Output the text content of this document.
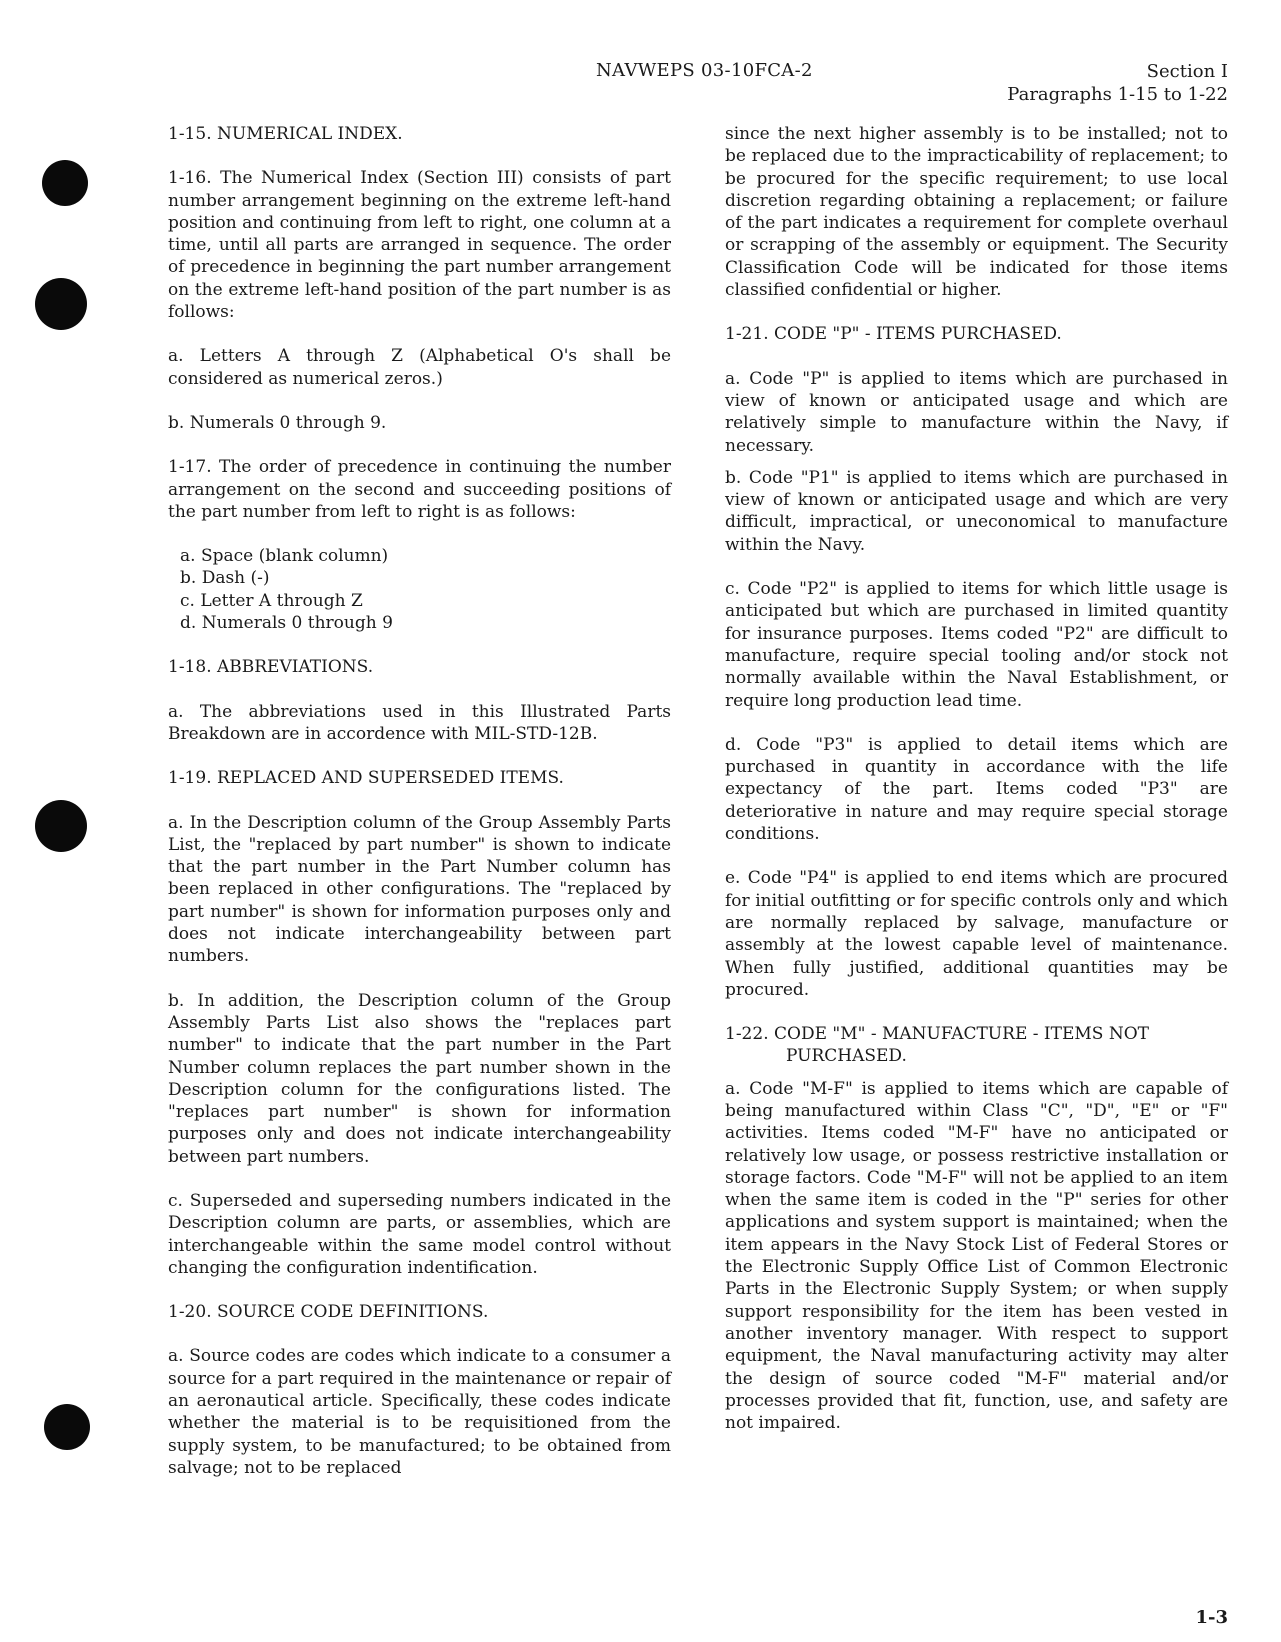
NAVWEPS 03-10FCA-2	Section I
Paragraphs 1-15 to 1-22

1-15. NUMERICAL INDEX.

1-16. The Numerical Index (Section III) consists of part number arrangement beginning on the extreme left-hand position and continuing from left to right, one column at a time, until all parts are arranged in sequence. The order of precedence in beginning the part number arrangement on the extreme left-hand position of the part number is as follows:

a. Letters A through Z (Alphabetical O's shall be considered as numerical zeros.)

b. Numerals 0 through 9.

1-17. The order of precedence in continuing the number arrangement on the second and succeeding positions of the part number from left to right is as follows:

a. Space (blank column)
b. Dash (-)
c. Letter A through Z
d. Numerals 0 through 9

1-18. ABBREVIATIONS.

a. The abbreviations used in this Illustrated Parts Breakdown are in accordence with MIL-STD-12B.

1-19. REPLACED AND SUPERSEDED ITEMS.

a. In the Description column of the Group Assembly Parts List, the "replaced by part number" is shown to indicate that the part number in the Part Number column has been replaced in other configurations. The "replaced by part number" is shown for information purposes only and does not indicate interchangeability between part numbers.

b. In addition, the Description column of the Group Assembly Parts List also shows the "replaces part number" to indicate that the part number in the Part Number column replaces the part number shown in the Description column for the configurations listed. The "replaces part number" is shown for information purposes only and does not indicate interchangeability between part numbers.

c. Superseded and superseding numbers indicated in the Description column are parts, or assemblies, which are interchangeable within the same model control without changing the configuration indentification.

1-20. SOURCE CODE DEFINITIONS.

a. Source codes are codes which indicate to a consumer a source for a part required in the maintenance or repair of an aeronautical article. Specifically, these codes indicate whether the material is to be requisitioned from the supply system, to be manufactured; to be obtained from salvage; not to be replaced

since the next higher assembly is to be installed; not to be replaced due to the impracticability of replacement; to be procured for the specific requirement; to use local discretion regarding obtaining a replacement; or failure of the part indicates a requirement for complete overhaul or scrapping of the assembly or equipment. The Security Classification Code will be indicated for those items classified confidential or higher.

1-21. CODE "P" - ITEMS PURCHASED.

a. Code "P" is applied to items which are purchased in view of known or anticipated usage and which are relatively simple to manufacture within the Navy, if necessary.

b. Code "P1" is applied to items which are purchased in view of known or anticipated usage and which are very difficult, impractical, or uneconomical to manufacture within the Navy.

c. Code "P2" is applied to items for which little usage is anticipated but which are purchased in limited quantity for insurance purposes. Items coded "P2" are difficult to manufacture, require special tooling and/or stock not normally available within the Naval Establishment, or require long production lead time.

d. Code "P3" is applied to detail items which are purchased in quantity in accordance with the life expectancy of the part. Items coded "P3" are deteriorative in nature and may require special storage conditions.

e. Code "P4" is applied to end items which are procured for initial outfitting or for specific controls only and which are normally replaced by salvage, manufacture or assembly at the lowest capable level of maintenance. When fully justified, additional quantities may be procured.

1-22. CODE "M" - MANUFACTURE - ITEMS NOT
PURCHASED.

a. Code "M-F" is applied to items which are capable of being manufactured within Class "C", "D", "E" or "F" activities. Items coded "M-F" have no anticipated or relatively low usage, or possess restrictive installation or storage factors. Code "M-F" will not be applied to an item when the same item is coded in the "P" series for other applications and system support is maintained; when the item appears in the Navy Stock List of Federal Stores or the Electronic Supply Office List of Common Electronic Parts in the Electronic Supply System; or when supply support responsibility for the item has been vested in another inventory manager. With respect to support equipment, the Naval manufacturing activity may alter the design of source coded "M-F" material and/or processes provided that fit, function, use, and safety are not impaired.

1-3
